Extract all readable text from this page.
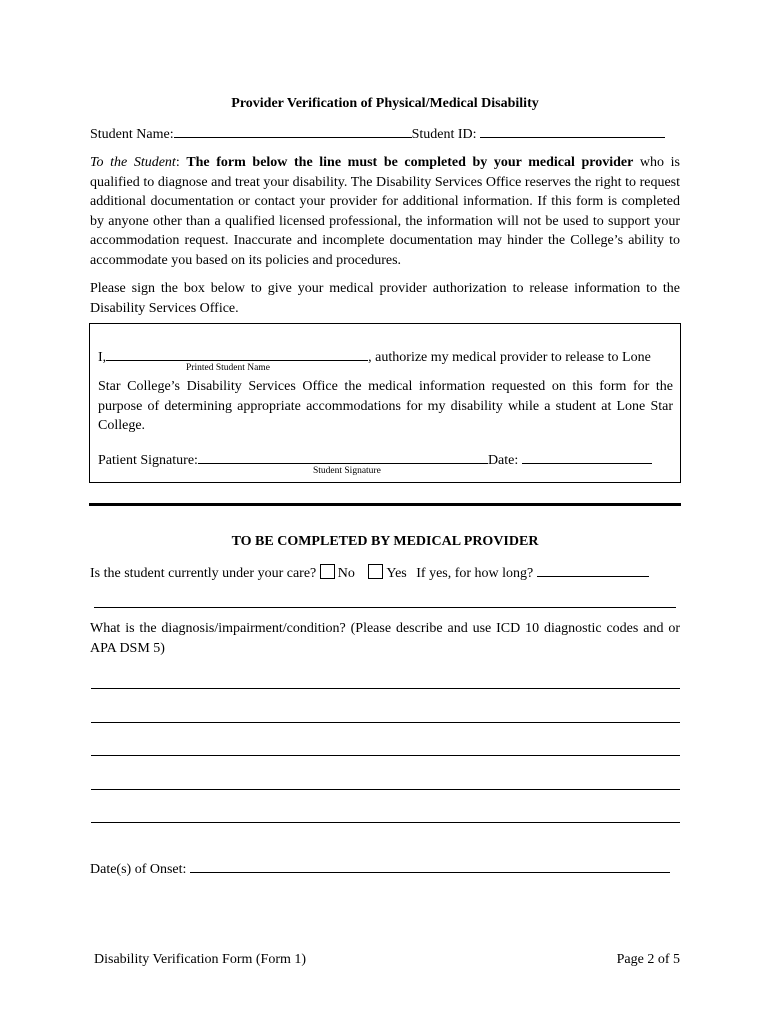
Provider Verification of Physical/Medical Disability
Student Name:	Student ID:
To the Student: The form below the line must be completed by your medical provider who is qualified to diagnose and treat your disability. The Disability Services Office reserves the right to request additional documentation or contact your provider for additional information. If this form is completed by anyone other than a qualified licensed professional, the information will not be used to support your accommodation request. Inaccurate and incomplete documentation may hinder the College’s ability to accommodate you based on its policies and procedures.
Please sign the box below to give your medical provider authorization to release information to the Disability Services Office.
I,	, authorize my medical provider to release to Lone
Printed Student Name
Star College’s Disability Services Office the medical information requested on this form for the purpose of determining appropriate accommodations for my disability while a student at Lone Star College.
Patient Signature:	Date:
Student Signature
TO BE COMPLETED BY MEDICAL PROVIDER
Is the student currently under your care? No Yes If yes, for how long?
What is the diagnosis/impairment/condition? (Please describe and use ICD 10 diagnostic codes and or APA DSM 5)
Date(s) of Onset:
Disability Verification Form (Form 1)	Page 2 of 5
